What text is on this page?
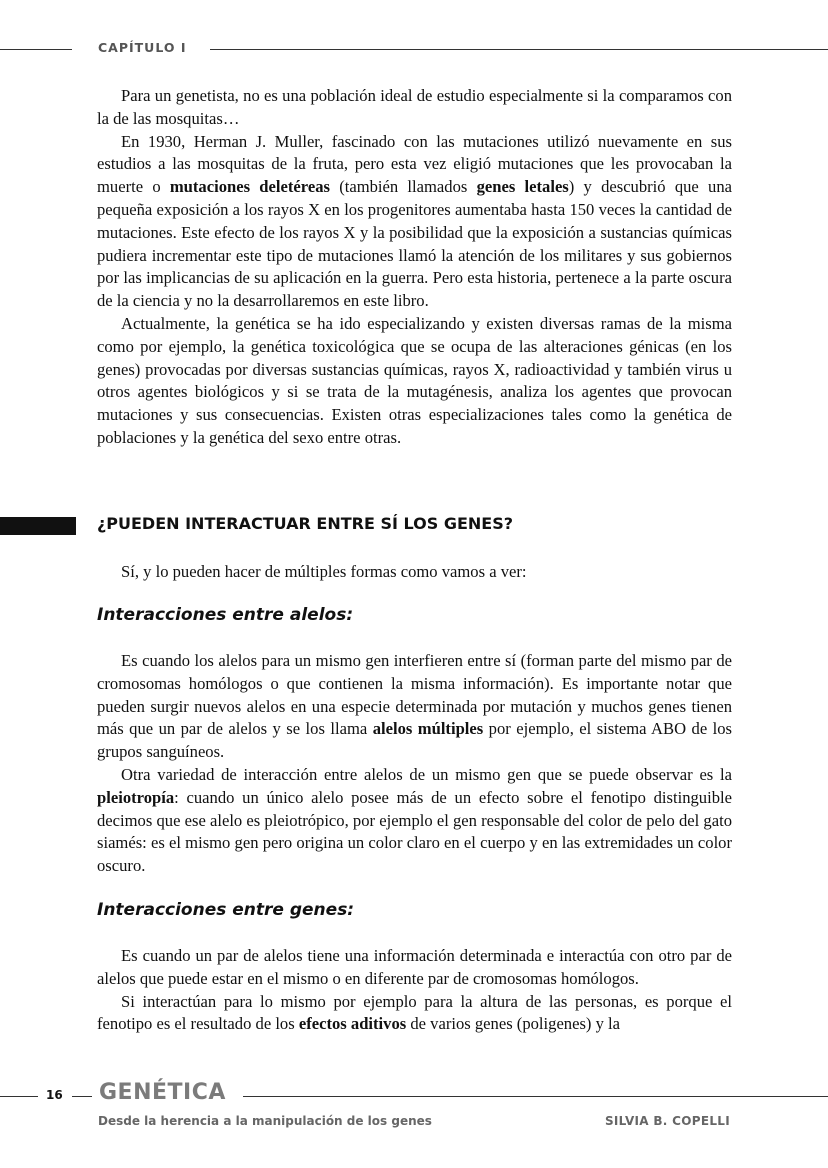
CAPÍTULO I

Para un genetista, no es una población ideal de estudio especialmente si la comparamos con la de las mosquitas…

En 1930, Herman J. Muller, fascinado con las mutaciones utilizó nuevamente en sus estudios a las mosquitas de la fruta, pero esta vez eligió mutaciones que les provocaban la muerte o mutaciones deletéreas (también llamados genes letales) y descubrió que una pequeña exposición a los rayos X en los progenitores aumentaba hasta 150 veces la cantidad de mutaciones. Este efecto de los rayos X y la posibilidad que la exposición a sustancias químicas pudiera incrementar este tipo de mutaciones llamó la atención de los militares y sus gobiernos por las implicancias de su aplicación en la guerra. Pero esta historia, pertenece a la parte oscura de la ciencia y no la desarrollaremos en este libro.

Actualmente, la genética se ha ido especializando y existen diversas ramas de la misma como por ejemplo, la genética toxicológica que se ocupa de las alteraciones génicas (en los genes) provocadas por diversas sustancias químicas, rayos X, radioactividad y también virus u otros agentes biológicos y si se trata de la mutagénesis, analiza los agentes que provocan mutaciones y sus consecuencias. Existen otras especializaciones tales como la genética de poblaciones y la genética del sexo entre otras.

¿PUEDEN INTERACTUAR ENTRE SÍ LOS GENES?

Sí, y lo pueden hacer de múltiples formas como vamos a ver:

Interacciones entre alelos:

Es cuando los alelos para un mismo gen interfieren entre sí (forman parte del mismo par de cromosomas homólogos o que contienen la misma información). Es importante notar que pueden surgir nuevos alelos en una especie determinada por mutación y muchos genes tienen más que un par de alelos y se los llama alelos múltiples por ejemplo, el sistema ABO de los grupos sanguíneos.

Otra variedad de interacción entre alelos de un mismo gen que se puede observar es la pleiotropía: cuando un único alelo posee más de un efecto sobre el fenotipo distinguible decimos que ese alelo es pleiotrópico, por ejemplo el gen responsable del color de pelo del gato siamés: es el mismo gen pero origina un color claro en el cuerpo y en las extremidades un color oscuro.

Interacciones entre genes:

Es cuando un par de alelos tiene una información determinada e interactúa con otro par de alelos que puede estar en el mismo o en diferente par de cromosomas homólogos.

Si interactúan para lo mismo por ejemplo para la altura de las personas, es porque el fenotipo es el resultado de los efectos aditivos de varios genes (poligenes) y la

16 GENÉTICA
Desde la herencia a la manipulación de los genes	SILVIA B. COPELLI
